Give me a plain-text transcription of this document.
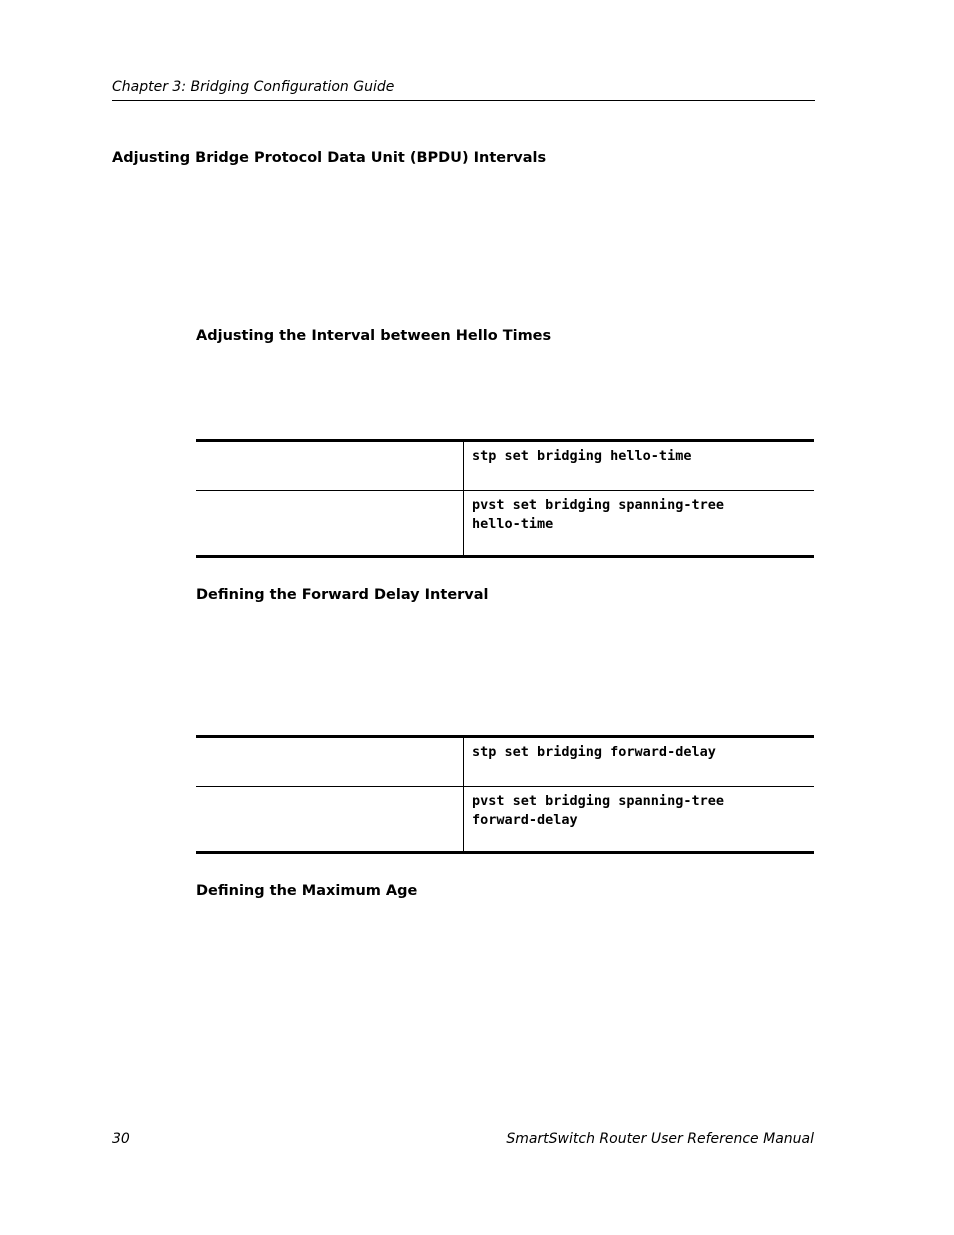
Chapter 3: Bridging Configuration Guide
Adjusting Bridge Protocol Data Unit (BPDU) Intervals
Adjusting the Interval between Hello Times
stp set bridging hello-time
pvst set bridging spanning-tree
hello-time
Defining the Forward Delay Interval
stp set bridging forward-delay
pvst set bridging spanning-tree
forward-delay
Defining the Maximum Age
30	SmartSwitch Router User Reference Manual
